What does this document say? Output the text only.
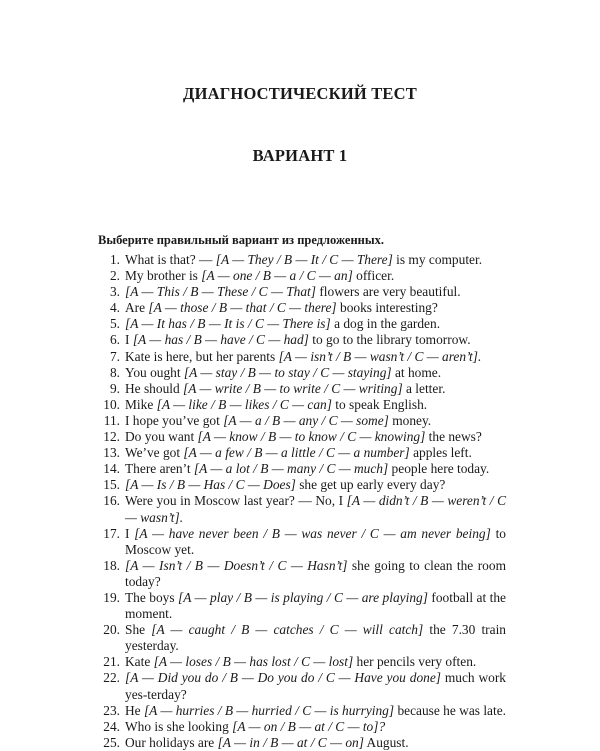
ДИАГНОСТИЧЕСКИЙ ТЕСТ
ВАРИАНТ 1
Выберите правильный вариант из предложенных.
1. What is that? — [A — They / B — It / C — There] is my computer.
2. My brother is [A — one / B — a / C — an] officer.
3. [A — This / B — These / C — That] flowers are very beautiful.
4. Are [A — those / B — that / C — there] books interesting?
5. [A — It has / B — It is / C — There is] a dog in the garden.
6. I [A — has / B — have / C — had] to go to the library tomorrow.
7. Kate is here, but her parents [A — isn’t / B — wasn’t / C — aren’t].
8. You ought [A — stay / B — to stay / C — staying] at home.
9. He should [A — write / B — to write / C — writing] a letter.
10. Mike [A — like / B — likes / C — can] to speak English.
11. I hope you’ve got [A — a / B — any / C — some] money.
12. Do you want [A — know / B — to know / C — knowing] the news?
13. We’ve got [A — a few / B — a little / C — a number] apples left.
14. There aren’t [A — a lot / B — many / C — much] people here today.
15. [A — Is / B — Has / C — Does] she get up early every day?
16. Were you in Moscow last year? — No, I [A — didn’t / B — weren’t / C — wasn’t].
17. I [A — have never been / B — was never / C — am never being] to Moscow yet.
18. [A — Isn’t / B — Doesn’t / C — Hasn’t] she going to clean the room today?
19. The boys [A — play / B — is playing / C — are playing] football at the moment.
20. She [A — caught / B — catches / C — will catch] the 7.30 train yesterday.
21. Kate [A — loses / B — has lost / C — lost] her pencils very often.
22. [A — Did you do / B — Do you do / C — Have you done] much work yes-terday?
23. He [A — hurries / B — hurried / C — is hurrying] because he was late.
24. Who is she looking [A — on / B — at / C — to]?
25. Our holidays are [A — in / B — at / C — on] August.
